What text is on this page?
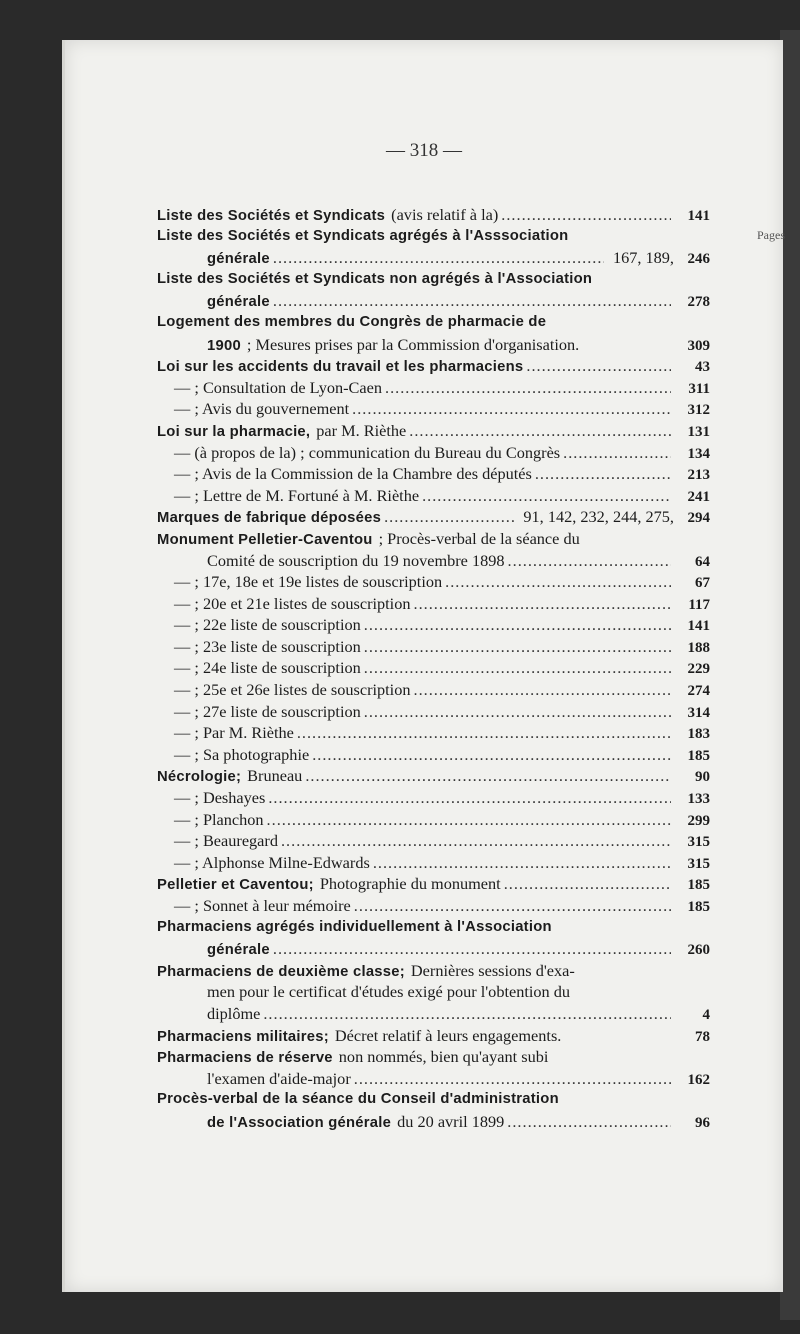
— 318 —
Pages
Liste des Sociétés et Syndicats (avis relatif à la) .....	141
Liste des Sociétés et Syndicats agrégés à l'Asssociation
générale .....	167, 189, 246
Liste des Sociétés et Syndicats non agrégés à l'Association
générale .....	278
Logement des membres du Congrès de pharmacie de
1900 ; Mesures prises par la Commission d'organisation.	309
Loi sur les accidents du travail et les pharmaciens .....	43
— ; Consultation de Lyon-Caen .....	311
— ; Avis du gouvernement .....	312
Loi sur la pharmacie, par M. Rièthe .....	131
— (à propos de la) ; communication du Bureau du Congrès .....	134
— ; Avis de la Commission de la Chambre des députés .....	213
— ; Lettre de M. Fortuné à M. Rièthe .....	241
Marques de fabrique déposées .....	91, 142, 232, 244, 275, 294
Monument Pelletier-Caventou ; Procès-verbal de la séance du
Comité de souscription du 19 novembre 1898 .....	64
— ; 17e, 18e et 19e listes de souscription .....	67
— ; 20e et 21e listes de souscription .....	117
— ; 22e liste de souscription .....	141
— ; 23e liste de souscription .....	188
— ; 24e liste de souscription .....	229
— ; 25e et 26e listes de souscription .....	274
— ; 27e liste de souscription .....	314
— ; Par M. Rièthe .....	183
— ; Sa photographie .....	185
Nécrologie; Bruneau .....	90
— ; Deshayes .....	133
— ; Planchon .....	299
— ; Beauregard .....	315
— ; Alphonse Milne-Edwards .....	315
Pelletier et Caventou; Photographie du monument .....	185
— ; Sonnet à leur mémoire .....	185
Pharmaciens agrégés individuellement à l'Association
générale .....	260
Pharmaciens de deuxième classe; Dernières sessions d'exa-
men pour le certificat d'études exigé pour l'obtention du
diplôme .....	4
Pharmaciens militaires; Décret relatif à leurs engagements.	78
Pharmaciens de réserve non nommés, bien qu'ayant subi
l'examen d'aide-major .....	162
Procès-verbal de la séance du Conseil d'administration
de l'Association générale du 20 avril 1899 .....	96
